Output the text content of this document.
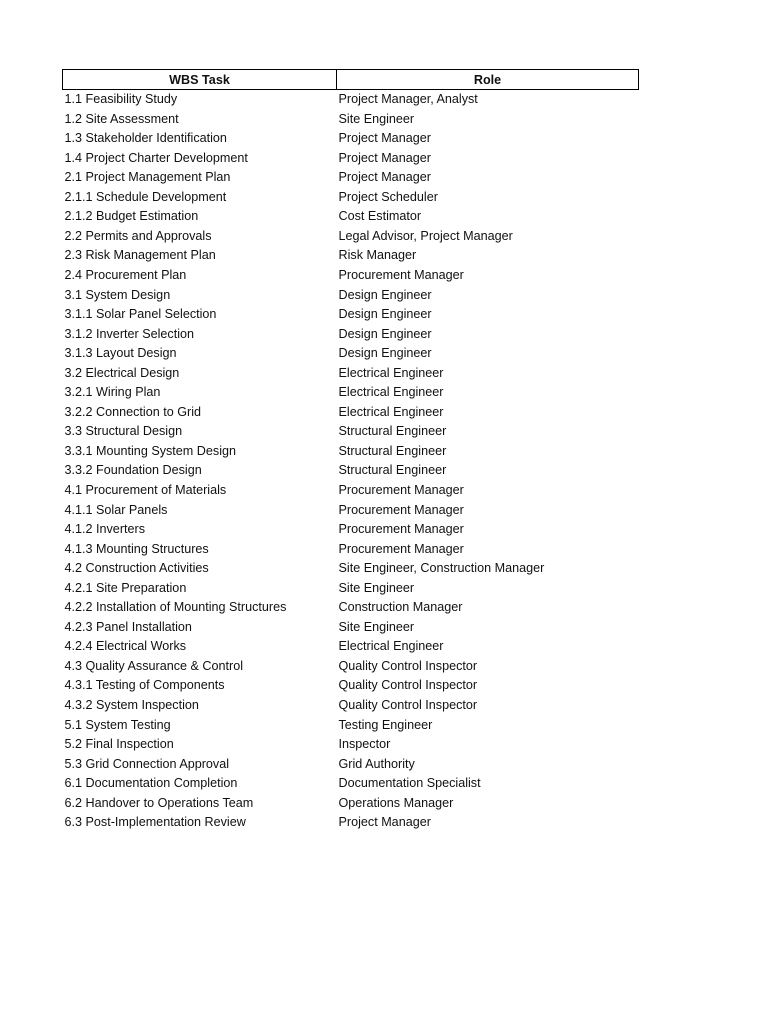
WBS Task	Role
1.1 Feasibility Study	Project Manager, Analyst
1.2 Site Assessment	Site Engineer
1.3 Stakeholder Identification	Project Manager
1.4 Project Charter Development	Project Manager
2.1 Project Management Plan	Project Manager
2.1.1 Schedule Development	Project Scheduler
2.1.2 Budget Estimation	Cost Estimator
2.2 Permits and Approvals	Legal Advisor, Project Manager
2.3 Risk Management Plan	Risk Manager
2.4 Procurement Plan	Procurement Manager
3.1 System Design	Design Engineer
3.1.1 Solar Panel Selection	Design Engineer
3.1.2 Inverter Selection	Design Engineer
3.1.3 Layout Design	Design Engineer
3.2 Electrical Design	Electrical Engineer
3.2.1 Wiring Plan	Electrical Engineer
3.2.2 Connection to Grid	Electrical Engineer
3.3 Structural Design	Structural Engineer
3.3.1 Mounting System Design	Structural Engineer
3.3.2 Foundation Design	Structural Engineer
4.1 Procurement of Materials	Procurement Manager
4.1.1 Solar Panels	Procurement Manager
4.1.2 Inverters	Procurement Manager
4.1.3 Mounting Structures	Procurement Manager
4.2 Construction Activities	Site Engineer, Construction Manager
4.2.1 Site Preparation	Site Engineer
4.2.2 Installation of Mounting Structures	Construction Manager
4.2.3 Panel Installation	Site Engineer
4.2.4 Electrical Works	Electrical Engineer
4.3 Quality Assurance & Control	Quality Control Inspector
4.3.1 Testing of Components	Quality Control Inspector
4.3.2 System Inspection	Quality Control Inspector
5.1 System Testing	Testing Engineer
5.2 Final Inspection	Inspector
5.3 Grid Connection Approval	Grid Authority
6.1 Documentation Completion	Documentation Specialist
6.2 Handover to Operations Team	Operations Manager
6.3 Post-Implementation Review	Project Manager
